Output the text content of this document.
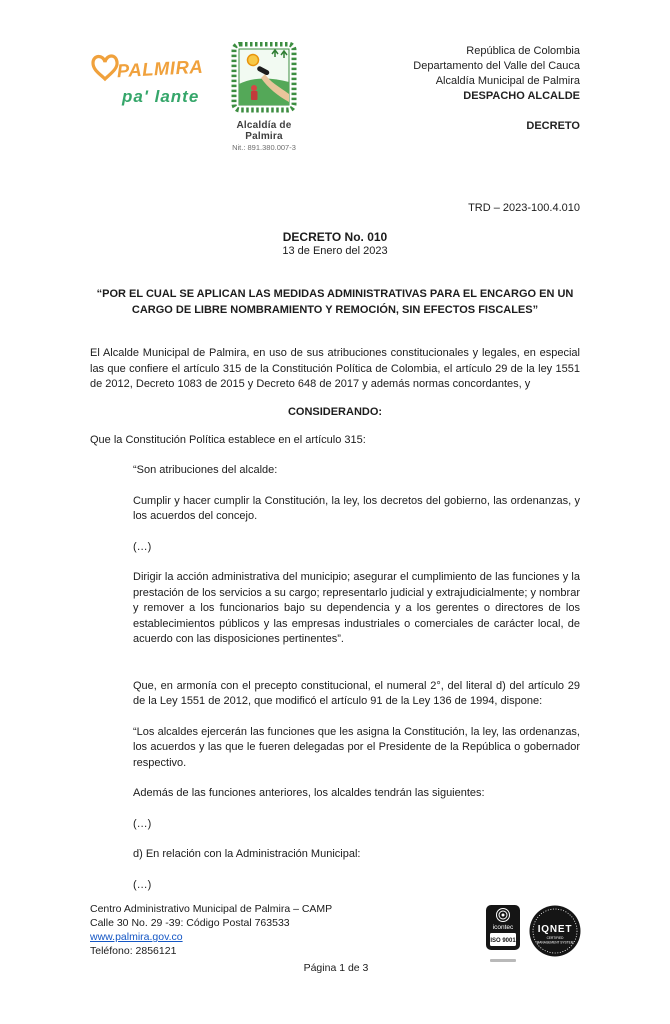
PALMIRA
pa' lante
Alcaldía de Palmira
Nit.: 891.380.007-3
República de Colombia
Departamento del Valle del Cauca
Alcaldía Municipal de Palmira
DESPACHO ALCALDE
DECRETO
TRD – 2023-100.4.010
DECRETO No. 010
13 de Enero del 2023
“POR EL CUAL SE APLICAN LAS MEDIDAS ADMINISTRATIVAS PARA EL ENCARGO EN UN CARGO DE LIBRE NOMBRAMIENTO Y REMOCIÓN, SIN EFECTOS FISCALES”

El Alcalde Municipal de Palmira, en uso de sus atribuciones constitucionales y legales, en especial las que confiere el artículo 315 de la Constitución Política de Colombia, el artículo 29 de la ley 1551 de 2012, Decreto 1083 de 2015 y Decreto 648 de 2017 y además normas concordantes, y

CONSIDERANDO:

Que la Constitución Política establece en el artículo 315:

“Son atribuciones del alcalde:

Cumplir y hacer cumplir la Constitución, la ley, los decretos del gobierno, las ordenanzas, y los acuerdos del concejo.

(…)

Dirigir la acción administrativa del municipio; asegurar el cumplimiento de las funciones y la prestación de los servicios a su cargo; representarlo judicial y extrajudicialmente; y nombrar y remover a los funcionarios bajo su dependencia y a los gerentes o directores de los establecimientos públicos y las empresas industriales o comerciales de carácter local, de acuerdo con las disposiciones pertinentes”.

Que, en armonía con el precepto constitucional, el numeral 2°, del literal d) del artículo 29 de la Ley 1551 de 2012, que modificó el artículo 91 de la Ley 136 de 1994, dispone:

“Los alcaldes ejercerán las funciones que les asigna la Constitución, la ley, las ordenanzas, los acuerdos y las que le fueren delegadas por el Presidente de la República o gobernador respectivo.

Además de las funciones anteriores, los alcaldes tendrán las siguientes:

(…)

d) En relación con la Administración Municipal:

(…)

Centro Administrativo Municipal de Palmira – CAMP
Calle 30 No. 29 -39: Código Postal 763533
www.palmira.gov.co
Teléfono: 2856121
icontec
ISO 9001
IQNET
CERTIFIED
MANAGEMENT SYSTEM
Página 1 de 3
